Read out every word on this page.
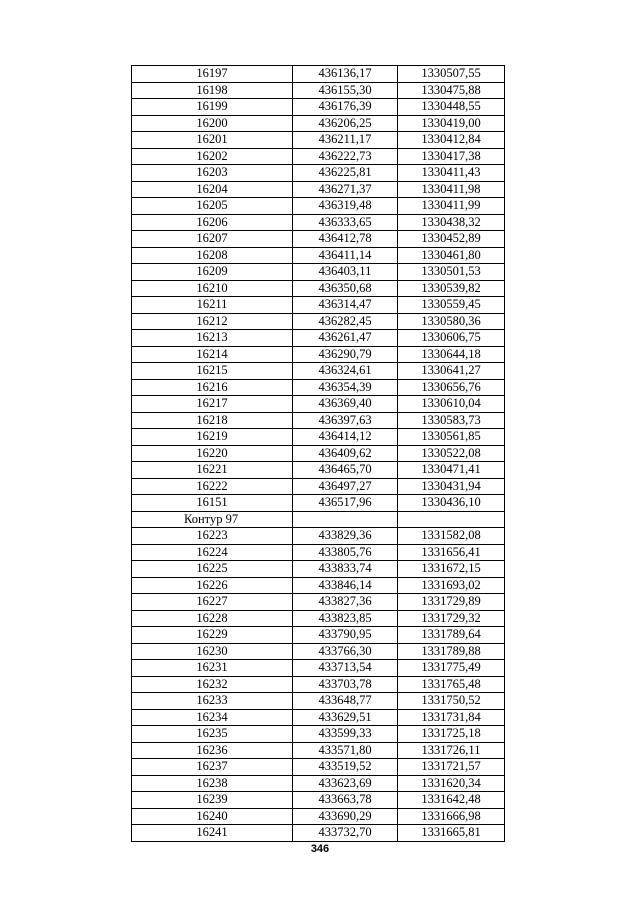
16197	436136,17	1330507,55
16198	436155,30	1330475,88
16199	436176,39	1330448,55
16200	436206,25	1330419,00
16201	436211,17	1330412,84
16202	436222,73	1330417,38
16203	436225,81	1330411,43
16204	436271,37	1330411,98
16205	436319,48	1330411,99
16206	436333,65	1330438,32
16207	436412,78	1330452,89
16208	436411,14	1330461,80
16209	436403,11	1330501,53
16210	436350,68	1330539,82
16211	436314,47	1330559,45
16212	436282,45	1330580,36
16213	436261,47	1330606,75
16214	436290,79	1330644,18
16215	436324,61	1330641,27
16216	436354,39	1330656,76
16217	436369,40	1330610,04
16218	436397,63	1330583,73
16219	436414,12	1330561,85
16220	436409,62	1330522,08
16221	436465,70	1330471,41
16222	436497,27	1330431,94
16151	436517,96	1330436,10
Контур 97		
16223	433829,36	1331582,08
16224	433805,76	1331656,41
16225	433833,74	1331672,15
16226	433846,14	1331693,02
16227	433827,36	1331729,89
16228	433823,85	1331729,32
16229	433790,95	1331789,64
16230	433766,30	1331789,88
16231	433713,54	1331775,49
16232	433703,78	1331765,48
16233	433648,77	1331750,52
16234	433629,51	1331731,84
16235	433599,33	1331725,18
16236	433571,80	1331726,11
16237	433519,52	1331721,57
16238	433623,69	1331620,34
16239	433663,78	1331642,48
16240	433690,29	1331666,98
16241	433732,70	1331665,81
346
